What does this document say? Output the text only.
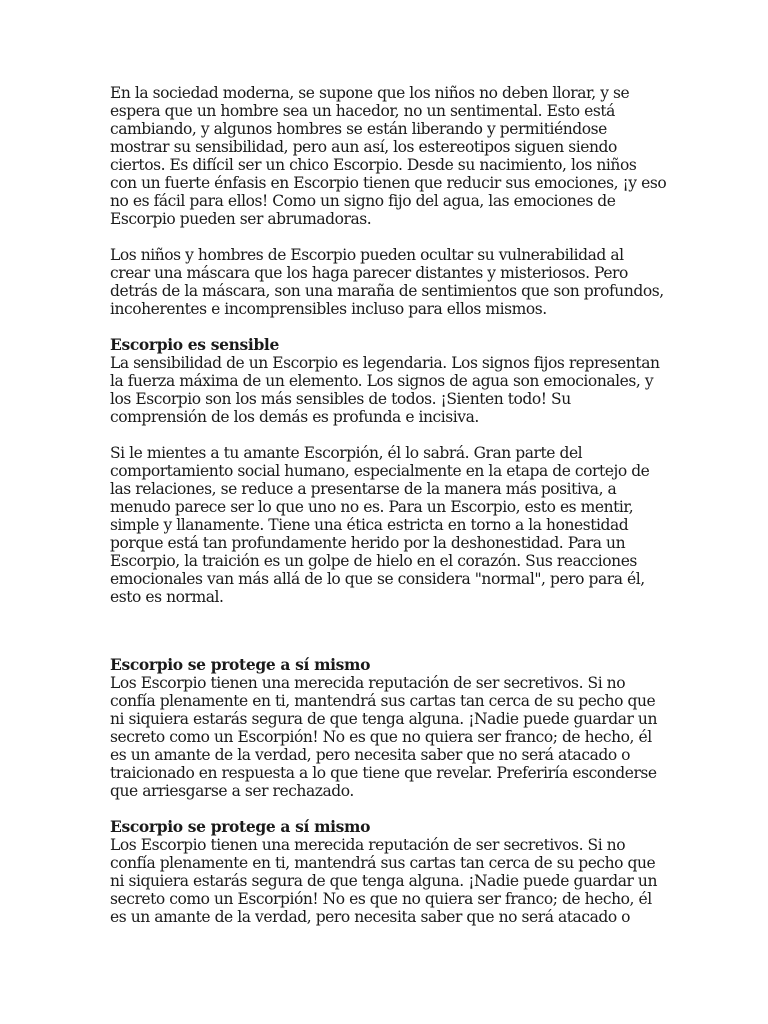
En la sociedad moderna, se supone que los niños no deben llorar, y se
espera que un hombre sea un hacedor, no un sentimental. Esto está
cambiando, y algunos hombres se están liberando y permitiéndose
mostrar su sensibilidad, pero aun así, los estereotipos siguen siendo
ciertos. Es difícil ser un chico Escorpio. Desde su nacimiento, los niños
con un fuerte énfasis en Escorpio tienen que reducir sus emociones, ¡y eso
no es fácil para ellos! Como un signo fijo del agua, las emociones de
Escorpio pueden ser abrumadoras.

Los niños y hombres de Escorpio pueden ocultar su vulnerabilidad al
crear una máscara que los haga parecer distantes y misteriosos. Pero
detrás de la máscara, son una maraña de sentimientos que son profundos,
incoherentes e incomprensibles incluso para ellos mismos.

Escorpio es sensible

La sensibilidad de un Escorpio es legendaria. Los signos fijos representan
la fuerza máxima de un elemento. Los signos de agua son emocionales, y
los Escorpio son los más sensibles de todos. ¡Sienten todo! Su
comprensión de los demás es profunda e incisiva.

Si le mientes a tu amante Escorpión, él lo sabrá. Gran parte del
comportamiento social humano, especialmente en la etapa de cortejo de
las relaciones, se reduce a presentarse de la manera más positiva, a
menudo parece ser lo que uno no es. Para un Escorpio, esto es mentir,
simple y llanamente. Tiene una ética estricta en torno a la honestidad
porque está tan profundamente herido por la deshonestidad. Para un
Escorpio, la traición es un golpe de hielo en el corazón. Sus reacciones
emocionales van más allá de lo que se considera "normal", pero para él,
esto es normal.

Escorpio se protege a sí mismo

Los Escorpio tienen una merecida reputación de ser secretivos. Si no
confía plenamente en ti, mantendrá sus cartas tan cerca de su pecho que
ni siquiera estarás segura de que tenga alguna. ¡Nadie puede guardar un
secreto como un Escorpión! No es que no quiera ser franco; de hecho, él
es un amante de la verdad, pero necesita saber que no será atacado o
traicionado en respuesta a lo que tiene que revelar. Preferiría esconderse
que arriesgarse a ser rechazado.

Escorpio se protege a sí mismo

Los Escorpio tienen una merecida reputación de ser secretivos. Si no
confía plenamente en ti, mantendrá sus cartas tan cerca de su pecho que
ni siquiera estarás segura de que tenga alguna. ¡Nadie puede guardar un
secreto como un Escorpión! No es que no quiera ser franco; de hecho, él
es un amante de la verdad, pero necesita saber que no será atacado o
